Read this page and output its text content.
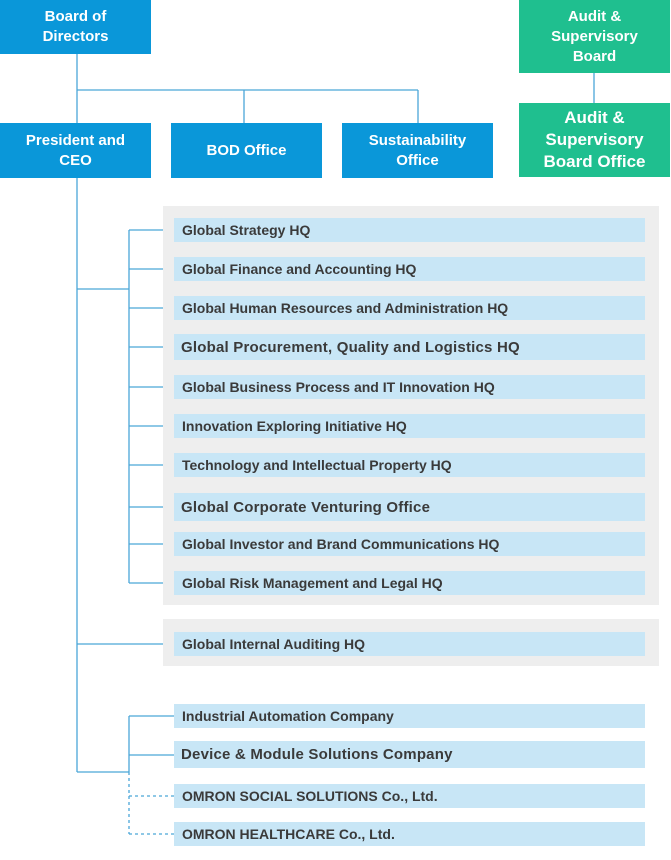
Board of
Directors
Audit &
Supervisory
Board
Audit &
Supervisory
Board Office
President and
CEO
BOD Office
Sustainability
Office
Global Strategy HQ
Global Finance and Accounting HQ
Global Human Resources and Administration HQ
Global Procurement, Quality and Logistics HQ
Global Business Process and IT Innovation HQ
Innovation Exploring Initiative HQ
Technology and Intellectual Property HQ
Global Corporate Venturing Office
Global Investor and Brand Communications HQ
Global Risk Management and Legal HQ
Global Internal Auditing HQ
Industrial Automation Company
Device & Module Solutions Company
OMRON SOCIAL SOLUTIONS Co., Ltd.
OMRON HEALTHCARE Co., Ltd.
